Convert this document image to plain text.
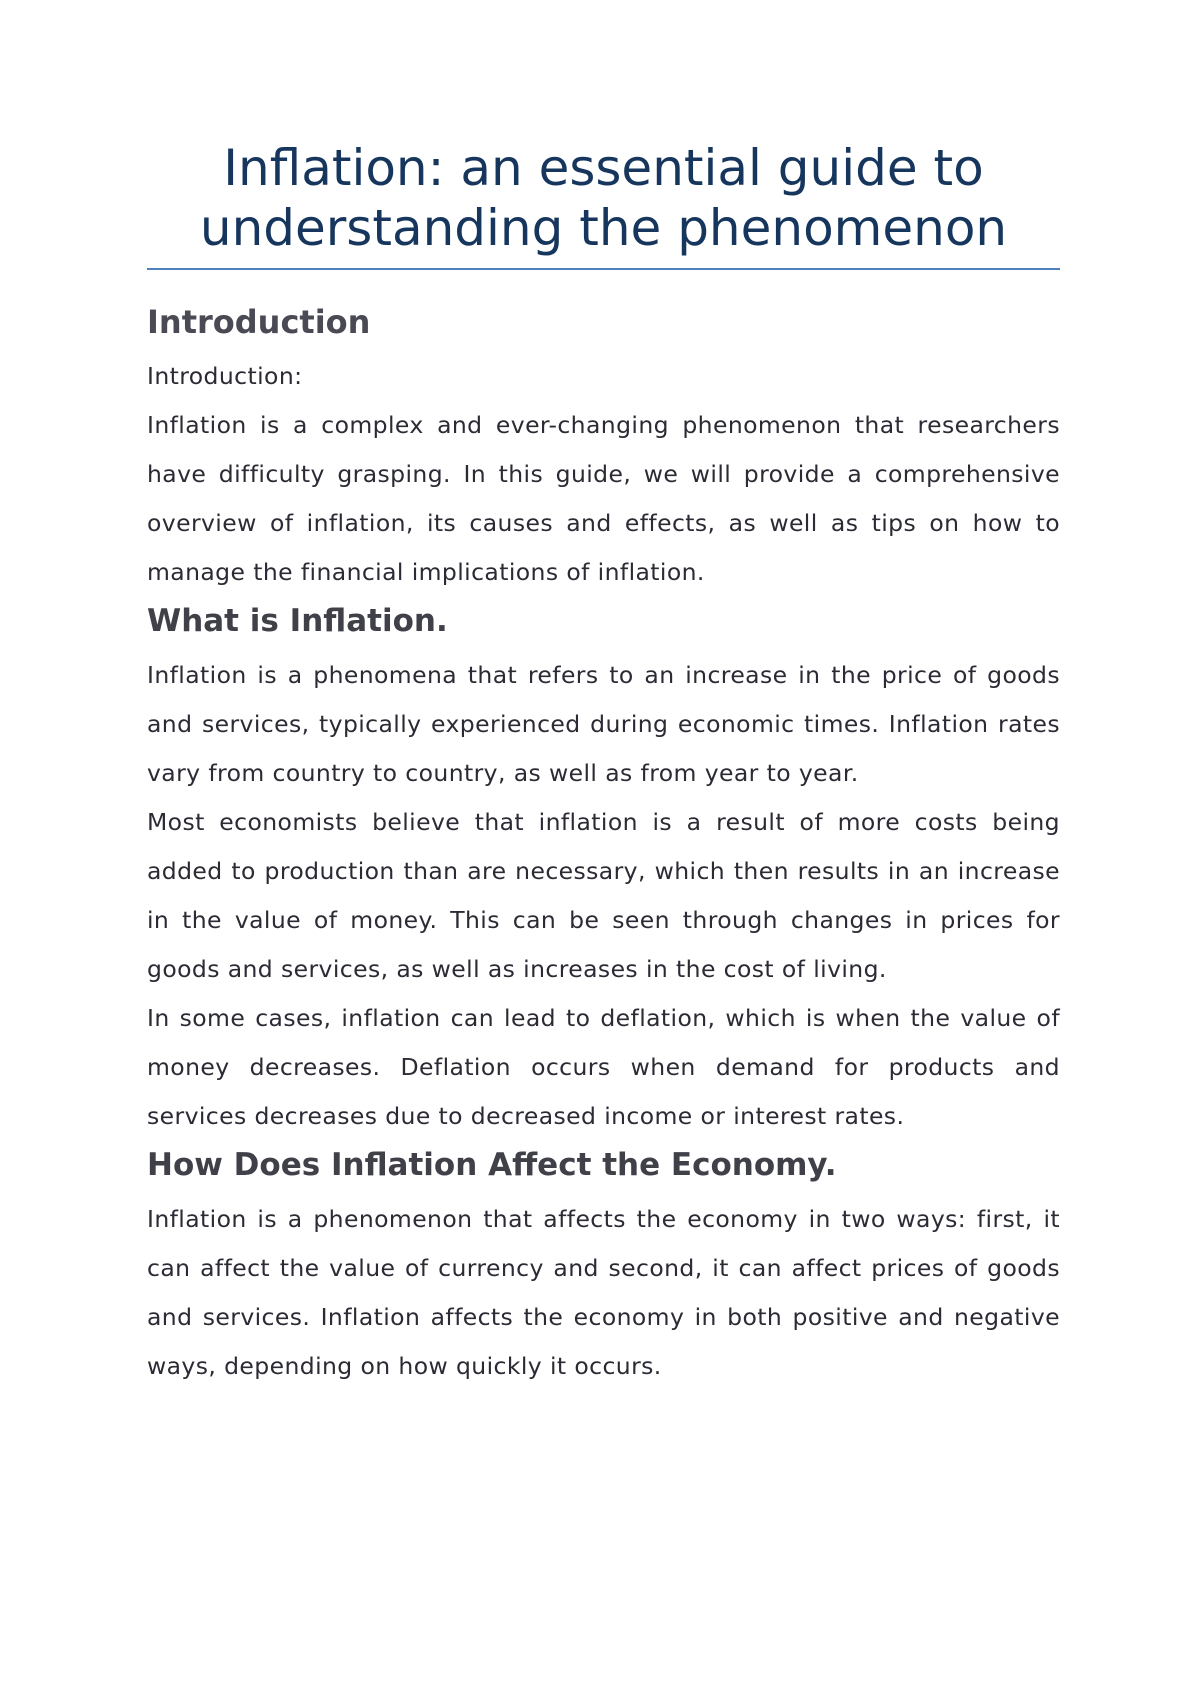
Inflation: an essential guide to understanding the phenomenon
Introduction

Introduction:

Inflation is a complex and ever-changing phenomenon that researchers have difficulty grasping. In this guide, we will provide a comprehensive overview of inflation, its causes and effects, as well as tips on how to manage the financial implications of inflation.

What is Inflation.

Inflation is a phenomena that refers to an increase in the price of goods and services, typically experienced during economic times. Inflation rates vary from country to country, as well as from year to year.

Most economists believe that inflation is a result of more costs being added to production than are necessary, which then results in an increase in the value of money. This can be seen through changes in prices for goods and services, as well as increases in the cost of living.

In some cases, inflation can lead to deflation, which is when the value of money decreases. Deflation occurs when demand for products and services decreases due to decreased income or interest rates.

How Does Inflation Affect the Economy.

Inflation is a phenomenon that affects the economy in two ways: first, it can affect the value of currency and second, it can affect prices of goods and services. Inflation affects the economy in both positive and negative ways, depending on how quickly it occurs.
